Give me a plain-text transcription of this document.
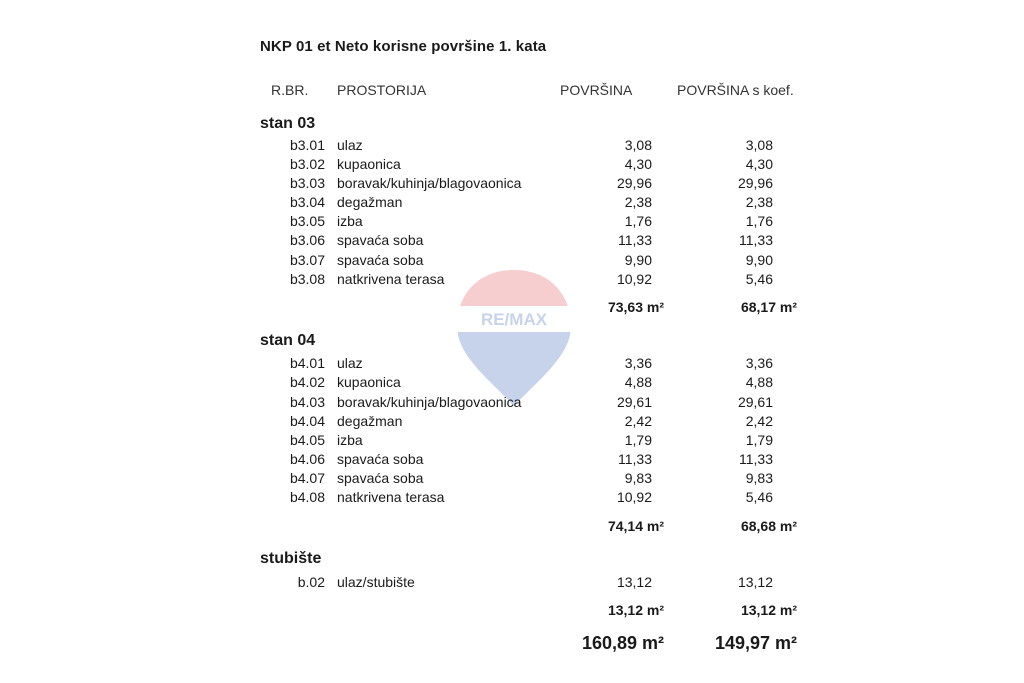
RE/MAX
NKP 01 et Neto korisne površine 1. kata
R.BR. PROSTORIJA	POVRŠINA	POVRŠINA s koef.
stan 03
b3.01 ulaz	3,08	3,08
b3.02 kupaonica	4,30	4,30
b3.03 boravak/kuhinja/blagovaonica	29,96	29,96
b3.04 degažman	2,38	2,38
b3.05 izba	1,76	1,76
b3.06 spavaća soba	11,33	11,33
b3.07 spavaća soba	9,90	9,90
b3.08 natkrivena terasa	10,92	5,46
73,63 m²	68,17 m²
stan 04
b4.01 ulaz	3,36	3,36
b4.02 kupaonica	4,88	4,88
b4.03 boravak/kuhinja/blagovaonica	29,61	29,61
b4.04 degažman	2,42	2,42
b4.05 izba	1,79	1,79
b4.06 spavaća soba	11,33	11,33
b4.07 spavaća soba	9,83	9,83
b4.08 natkrivena terasa	10,92	5,46
74,14 m²	68,68 m²
stubište
b.02 ulaz/stubište	13,12	13,12
13,12 m²	13,12 m²
160,89 m²	149,97 m²
